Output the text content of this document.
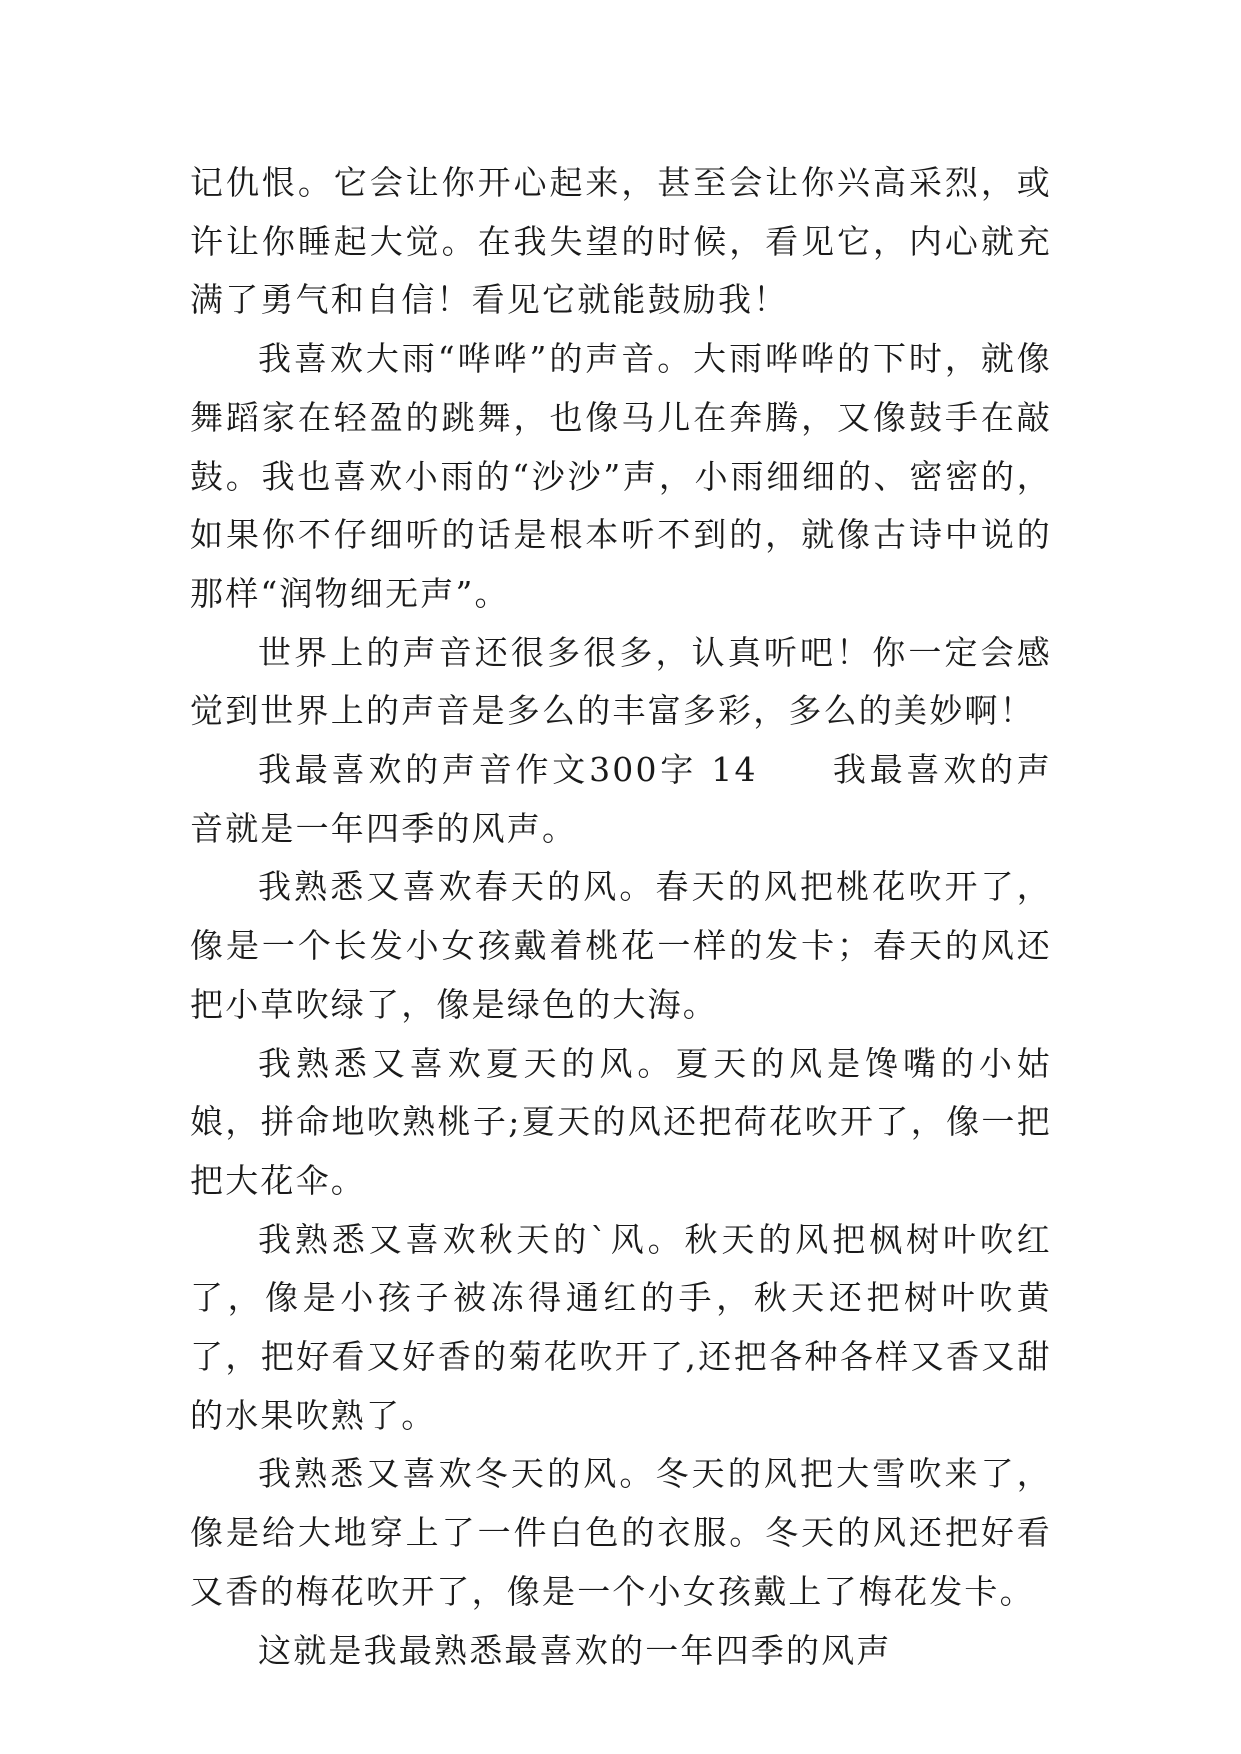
记仇恨。它会让你开心起来，甚至会让你兴高采烈，或许让你睡起大觉。在我失望的时候，看见它，内心就充满了勇气和自信！看见它就能鼓励我！

我喜欢大雨“哗哗”的声音。大雨哗哗的下时，就像舞蹈家在轻盈的跳舞，也像马儿在奔腾，又像鼓手在敲鼓。我也喜欢小雨的“沙沙”声，小雨细细的、密密的，如果你不仔细听的话是根本听不到的，就像古诗中说的那样“润物细无声”。

世界上的声音还很多很多，认真听吧！你一定会感觉到世界上的声音是多么的丰富多彩，多么的美妙啊！

我最喜欢的声音作文300字 14　　我最喜欢的声音就是一年四季的风声。

我熟悉又喜欢春天的风。春天的风把桃花吹开了，像是一个长发小女孩戴着桃花一样的发卡；春天的风还把小草吹绿了，像是绿色的大海。

我熟悉又喜欢夏天的风。夏天的风是馋嘴的小姑娘，拼命地吹熟桃子;夏天的风还把荷花吹开了，像一把把大花伞。

我熟悉又喜欢秋天的`风。秋天的风把枫树叶吹红了，像是小孩子被冻得通红的手，秋天还把树叶吹黄了，把好看又好香的菊花吹开了,还把各种各样又香又甜的水果吹熟了。

我熟悉又喜欢冬天的风。冬天的风把大雪吹来了，像是给大地穿上了一件白色的衣服。冬天的风还把好看又香的梅花吹开了，像是一个小女孩戴上了梅花发卡。

这就是我最熟悉最喜欢的一年四季的风声
